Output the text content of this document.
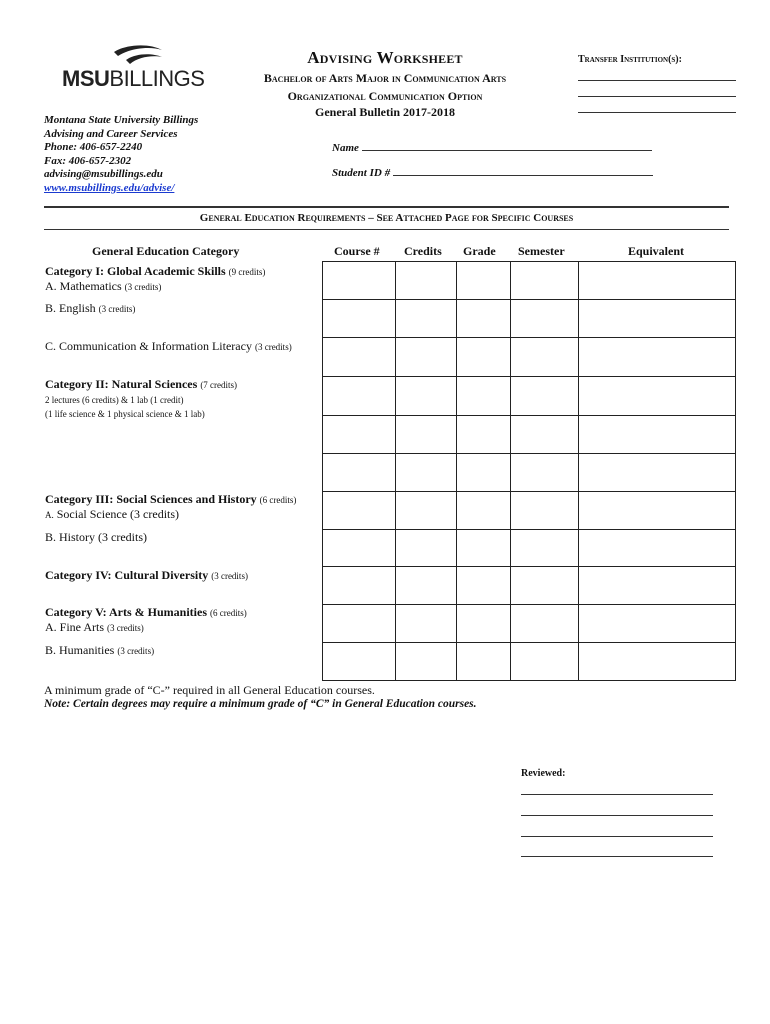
MSUBILLINGS
Advising Worksheet
Bachelor of Arts Major in Communication Arts
Organizational Communication Option
General Bulletin 2017-2018
Transfer Institution(s):
Montana State University Billings
Advising and Career Services
Phone: 406-657-2240
Fax: 406-657-2302
advising@msubillings.edu
www.msubillings.edu/advise/
Name
Student ID #
General Education Requirements – See Attached Page for Specific Courses
General Education Category	Course # Credits Grade Semester	Equivalent
Category I: Global Academic Skills (9 credits)
A. Mathematics (3 credits)
B. English (3 credits)
C. Communication & Information Literacy (3 credits)
Category II: Natural Sciences (7 credits)
2 lectures (6 credits) & 1 lab (1 credit)
(1 life science & 1 physical science & 1 lab)
Category III: Social Sciences and History (6 credits)
A. Social Science (3 credits)
B. History (3 credits)
Category IV: Cultural Diversity (3 credits)
Category V: Arts & Humanities (6 credits)
A. Fine Arts (3 credits)
B. Humanities (3 credits)
A minimum grade of “C-” required in all General Education courses.
Note: Certain degrees may require a minimum grade of “C” in General Education courses.
Reviewed:
